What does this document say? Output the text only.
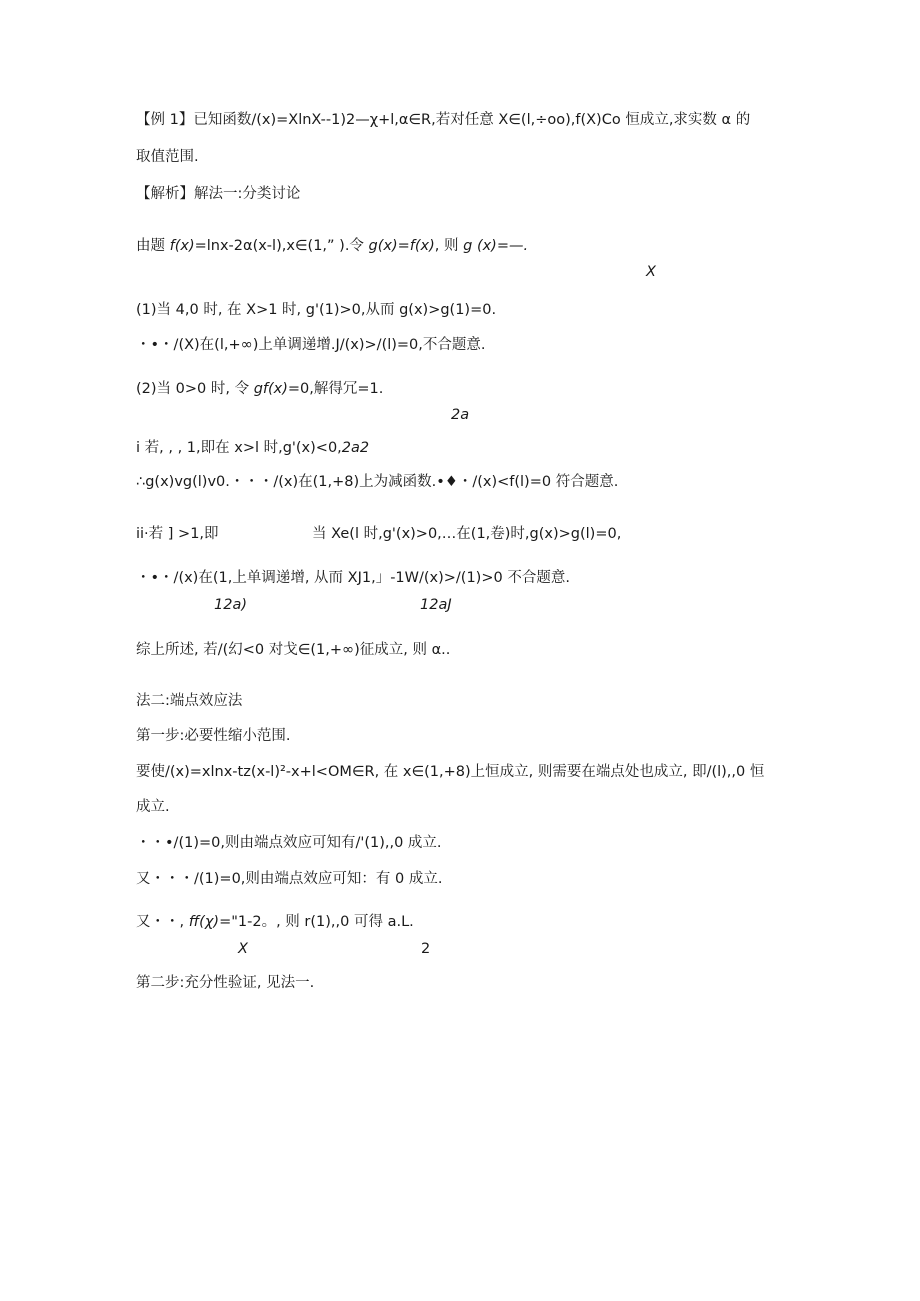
【例 1】已知函数/(x)=XlnX--1)2—χ+l,α∈R,若对任意 X∈(l,÷oo),f(X)Co 恒成立,求实数 α 的
取值范围.
【解析】解法一:分类讨论
由题 f(x)=lnx-2α(x-l),x∈(1,” ).令 g(x)=f(x), 则 g (x)=—.
X
(1)当 4,0 时, 在 X>1 时, g'(1)>0,从而 g(x)>g(1)=0.
・•・/(X)在(l,+∞)上单调递增.J/(x)>/(l)=0,不合题意.
(2)当 0>0 时, 令 gf(x)=0,解得冗=1.
2a
i 若, , , 1,即在 x>l 时,g'(x)<0,2a2
∴g(x)vg(l)v0.・・・/(x)在(1,+8)上为减函数.•♦・/(x)<f(l)=0 符合题意.
ii·若 ] >1,即	当 Xe(l 时,g'(x)>0,…在(1,卷)时,g(x)>g(l)=0,
・•・/(x)在(1,上单调递增, 从而 XJ1,」-1W/(x)>/(1)>0 不合题意.
12a)	12aJ
综上所述, 若/(幻<0 对戈∈(1,+∞)征成立, 则 α..
法二:端点效应法
第一步:必要性缩小范围.
要使/(x)=xlnx-tz(x-l)²-x+l<OM∈R, 在 x∈(1,+8)上恒成立, 则需要在端点处也成立, 即/(l),,0 恒
成立.
・・•/(1)=0,则由端点效应可知有/'(1),,0 成立.
又・・・/(1)=0,则由端点效应可知：有 0 成立.
又・・, ff(χ)="1-2。, 则 r(1),,0 可得 a.L.
X	2
第二步:充分性验证, 见法一.
